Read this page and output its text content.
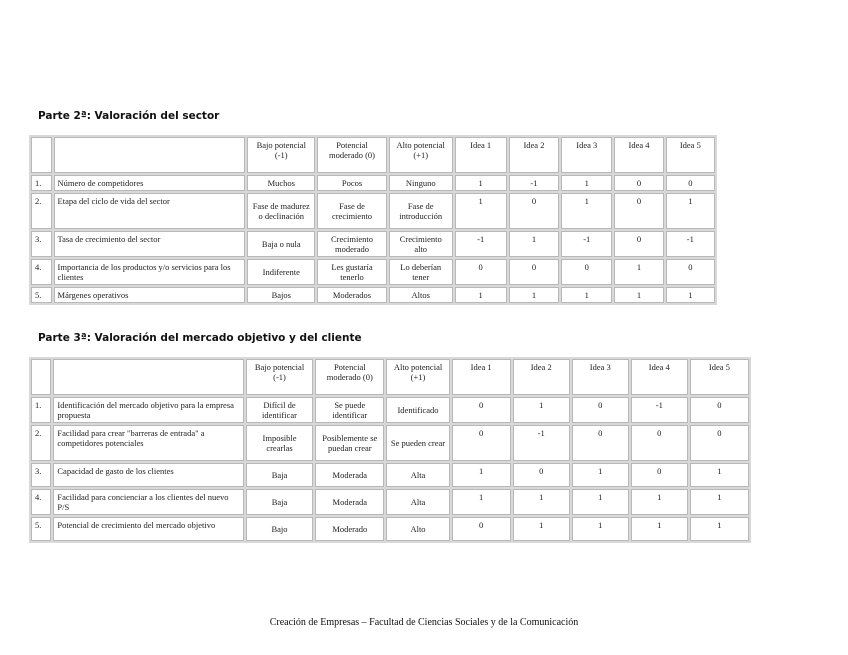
Parte 2ª: Valoración del sector
		Bajo potencial (-1)	Potencial moderado (0)	Alto potencial (+1)	Idea 1	Idea 2	Idea 3	Idea 4	Idea 5
1.	Número de competidores	Muchos	Pocos	Ninguno	1	-1	1	0	0
2.	Etapa del ciclo de vida del sector	Fase de madurez o declinación	Fase de crecimiento	Fase de introducción	1	0	1	0	1
3.	Tasa de crecimiento del sector	Baja o nula	Crecimiento moderado	Crecimiento alto	-1	1	-1	0	-1
4.	Importancia de los productos y/o servicios para los clientes	Indiferente	Les gustaría tenerlo	Lo deberían tener	0	0	0	1	0
5.	Márgenes operativos	Bajos	Moderados	Altos	1	1	1	1	1
Parte 3ª: Valoración del mercado objetivo y del cliente
		Bajo potencial (-1)	Potencial moderado (0)	Alto potencial (+1)	Idea 1	Idea 2	Idea 3	Idea 4	Idea 5
1.	Identificación del mercado objetivo para la empresa propuesta	Difícil de identificar	Se puede identificar	Identificado	0	1	0	-1	0
2.	Facilidad para crear "barreras de entrada" a competidores potenciales	Imposible crearlas	Posiblemente se puedan crear	Se pueden crear	0	-1	0	0	0
3.	Capacidad de gasto de los clientes	Baja	Moderada	Alta	1	0	1	0	1
4.	Facilidad para concienciar a los clientes del nuevo P/S	Baja	Moderada	Alta	1	1	1	1	1
5.	Potencial de crecimiento del mercado objetivo	Bajo	Moderado	Alto	0	1	1	1	1
Creación de Empresas – Facultad de Ciencias Sociales y de la Comunicación
